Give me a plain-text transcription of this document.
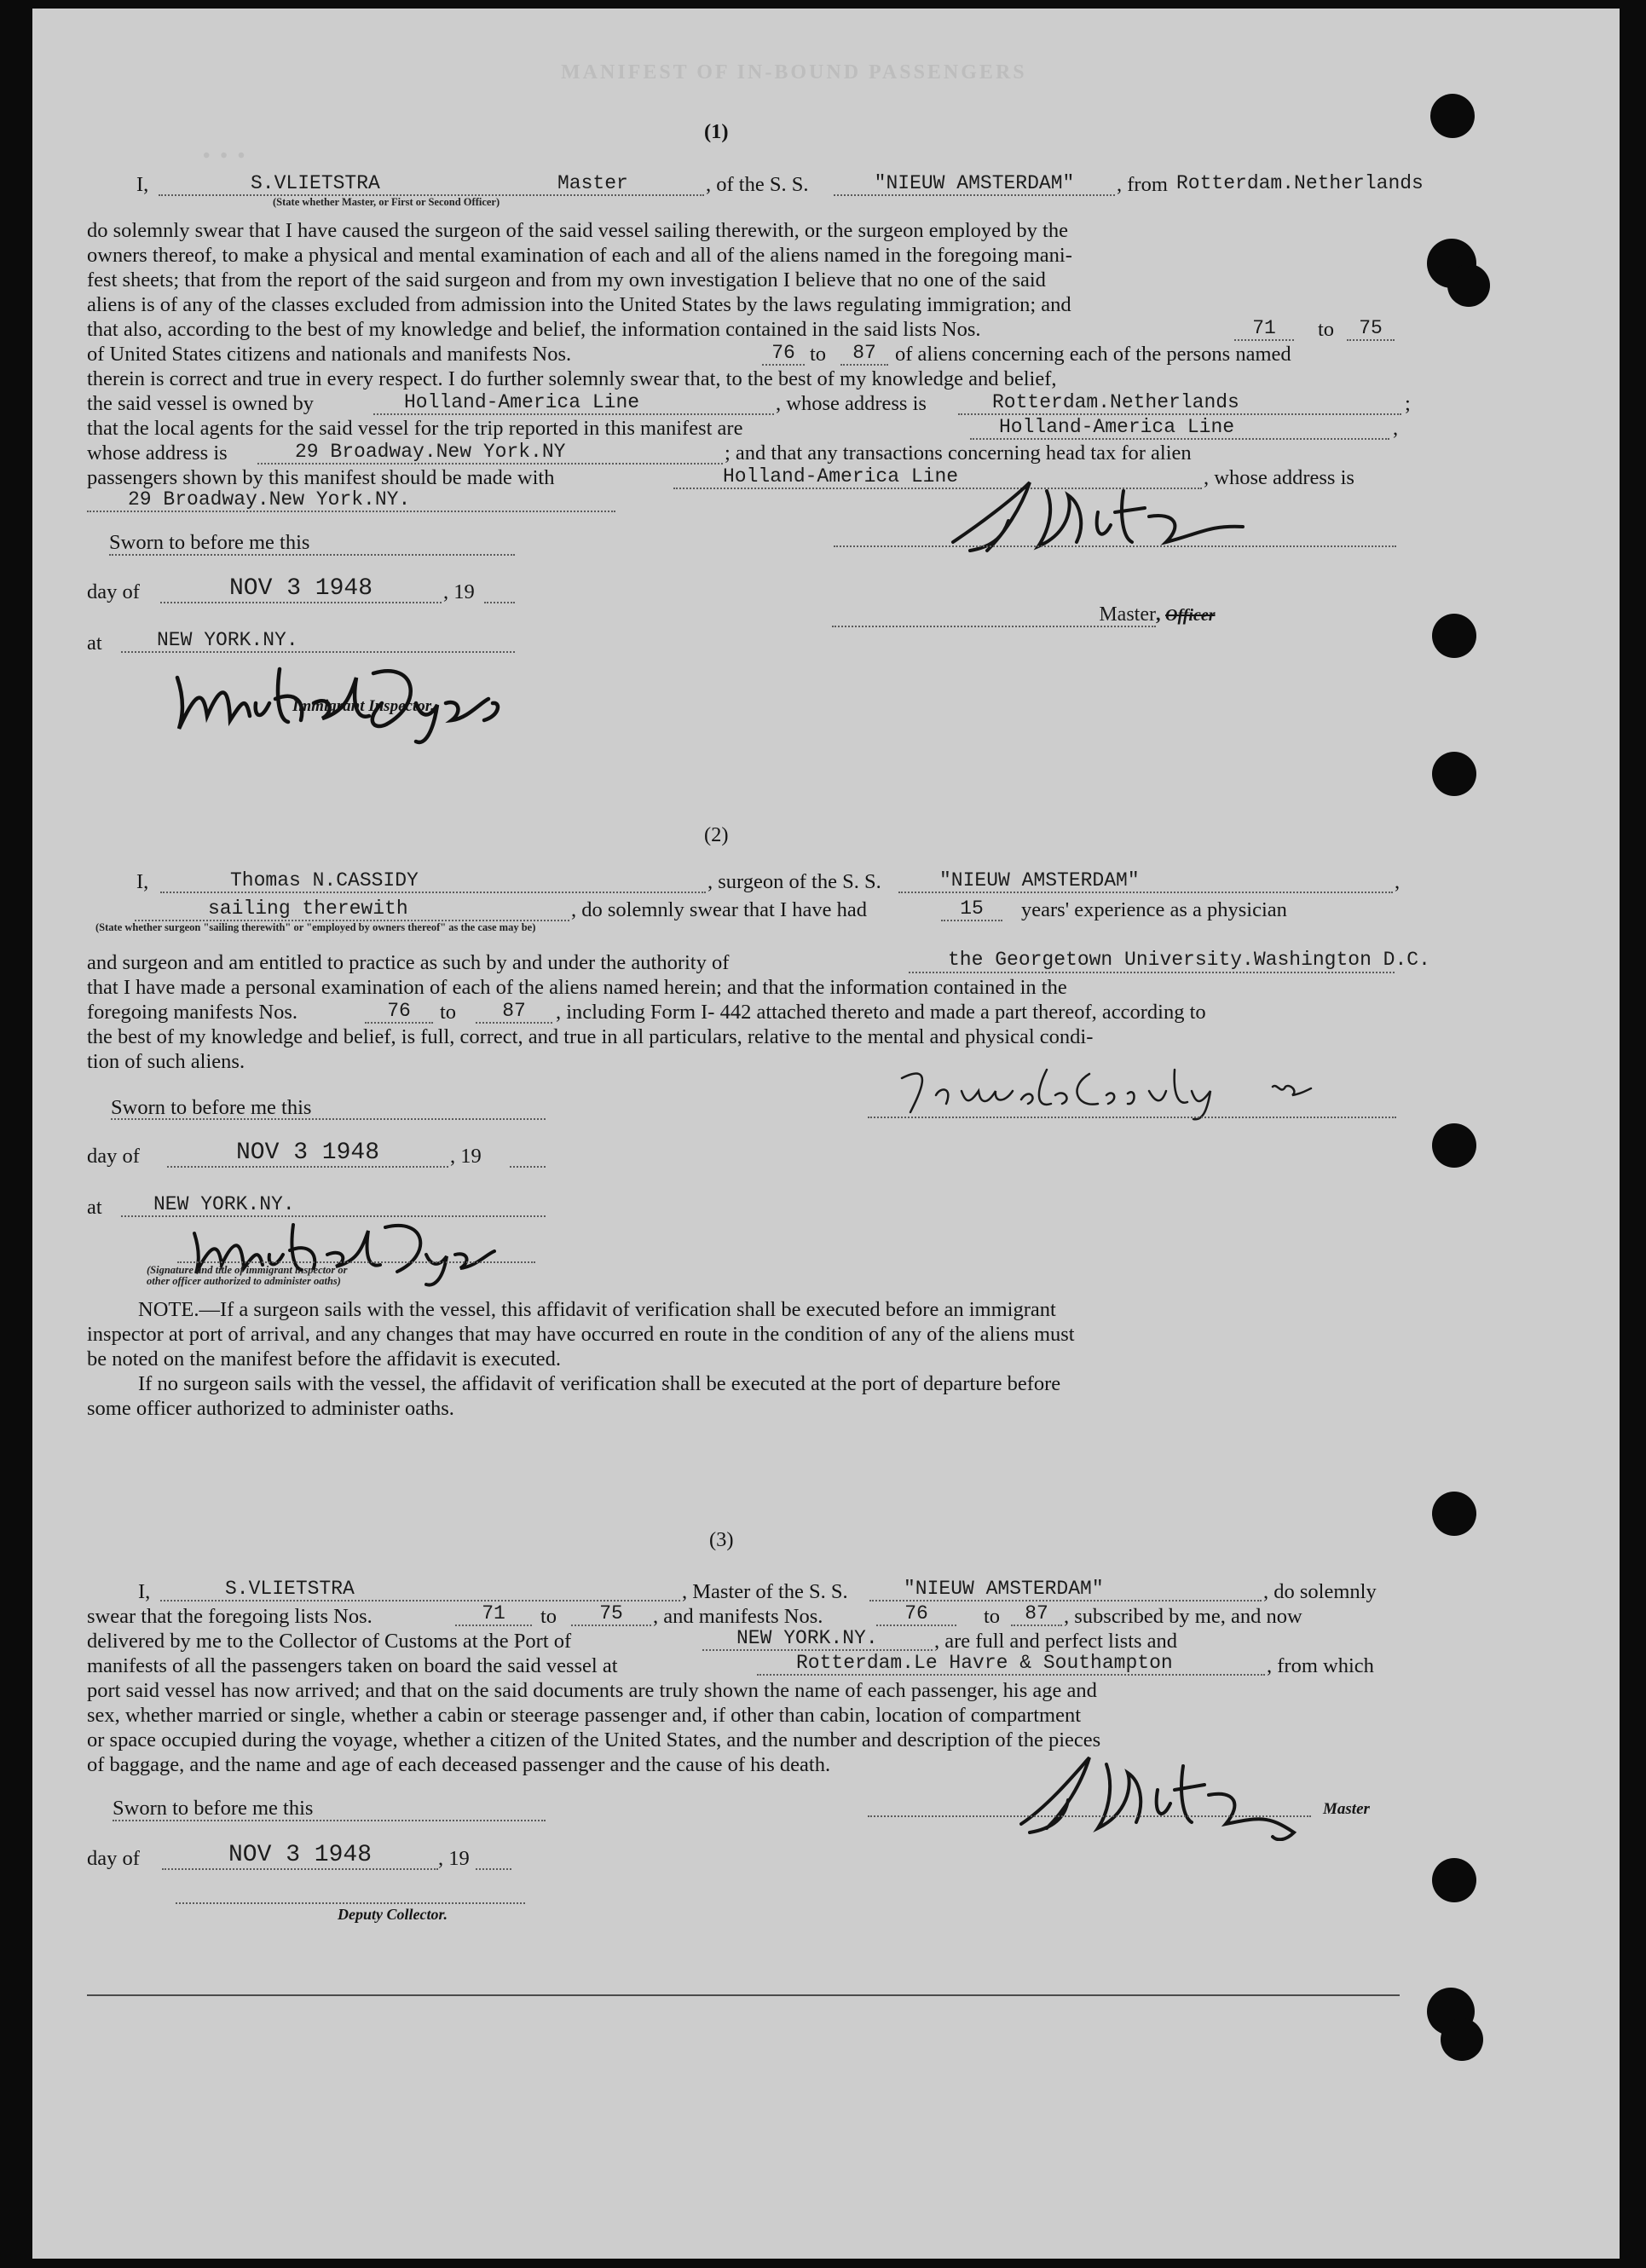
MANIFEST OF IN-BOUND PASSENGERS
• • •
(1)
I,	S.VLIETSTRA	Master	, of the S. S.	"NIEUW AMSTERDAM"	, from Rotterdam.Netherlands
(State whether Master, or First or Second Officer)
do solemnly swear that I have caused the surgeon of the said vessel sailing therewith, or the surgeon employed by the
owners thereof, to make a physical and mental examination of each and all of the aliens named in the foregoing mani-
fest sheets; that from the report of the said surgeon and from my own investigation I believe that no one of the said
aliens is of any of the classes excluded from admission into the United States by the laws regulating immigration; and
that also, according to the best of my knowledge and belief, the information contained in the said lists Nos.	71	to	75
of United States citizens and nationals and manifests Nos.	76 to	87 of aliens concerning each of the persons named
therein is correct and true in every respect. I do further solemnly swear that, to the best of my knowledge and belief,
the said vessel is owned by	Holland-America Line	, whose address is	Rotterdam.Netherlands	;
that the local agents for the said vessel for the trip reported in this manifest are	Holland-America Line	,
whose address is	29 Broadway.New York.NY	; and that any transactions concerning head tax for alien
passengers shown by this manifest should be made with	Holland-America Line	, whose address is
29 Broadway.New York.NY.
Sworn to before me this
day of	NOV 3 1948	, 19
Master, Officer
at	NEW YORK.NY.
Immigrant Inspector.
(2)
I,	Thomas N.CASSIDY	, surgeon of the S. S.	"NIEUW AMSTERDAM"	,
sailing therewith	, do solemnly swear that I have had	15	years' experience as a physician
(State whether surgeon "sailing therewith" or "employed by owners thereof" as the case may be)
and surgeon and am entitled to practice as such by and under the authority of	the Georgetown University.Washington D.C.
that I have made a personal examination of each of the aliens named herein; and that the information contained in the
foregoing manifests Nos.	76	to	87	, including Form I- 442 attached thereto and made a part thereof, according to
the best of my knowledge and belief, is full, correct, and true in all particulars, relative to the mental and physical condi-
tion of such aliens.
Sworn to before me this
day of	NOV 3 1948	, 19
at	NEW YORK.NY.
(Signature and title of immigrant inspector or
other officer authorized to administer oaths)
NOTE.—If a surgeon sails with the vessel, this affidavit of verification shall be executed before an immigrant
inspector at port of arrival, and any changes that may have occurred en route in the condition of any of the aliens must
be noted on the manifest before the affidavit is executed.
If no surgeon sails with the vessel, the affidavit of verification shall be executed at the port of departure before
some officer authorized to administer oaths.
(3)
I,	S.VLIETSTRA	, Master of the S. S.	"NIEUW AMSTERDAM"	, do solemnly
swear that the foregoing lists Nos.	71	to	75	, and manifests Nos.	76	to	87 , subscribed by me, and now
delivered by me to the Collector of Customs at the Port of	NEW YORK.NY.	, are full and perfect lists and
manifests of all the passengers taken on board the said vessel at	Rotterdam.Le Havre & Southampton	, from which
port said vessel has now arrived; and that on the said documents are truly shown the name of each passenger, his age and
sex, whether married or single, whether a cabin or steerage passenger and, if other than cabin, location of compartment
or space occupied during the voyage, whether a citizen of the United States, and the number and description of the pieces
of baggage, and the name and age of each deceased passenger and the cause of his death.
Master
Sworn to before me this
day of	NOV 3 1948	, 19
Deputy Collector.
